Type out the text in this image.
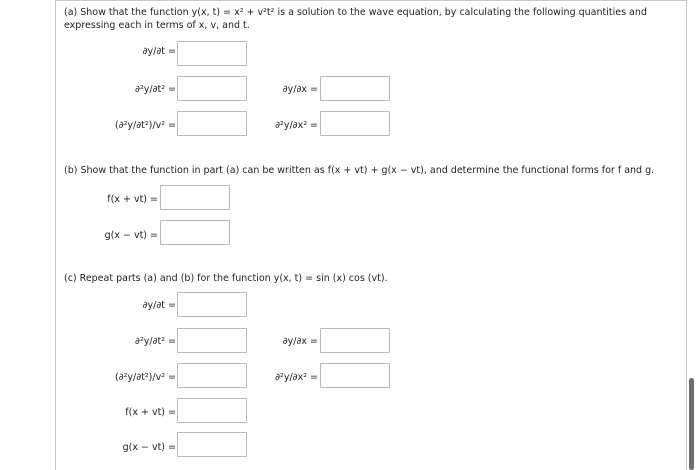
(a) Show that the function y(x, t) = x² + v²t² is a solution to the wave equation, by calculating the following quantities and
expressing each in terms of x, v, and t.
∂y/∂t =
∂²y/∂t² =	∂y/∂x =
(∂²y/∂t²)/v² =	∂²y/∂x² =
(b) Show that the function in part (a) can be written as f(x + vt) + g(x − vt), and determine the functional forms for f and g.
f(x + vt) =
g(x − vt) =
(c) Repeat parts (a) and (b) for the function y(x, t) = sin (x) cos (vt).
∂y/∂t =
∂²y/∂t² =	∂y/∂x =
(∂²y/∂t²)/v² =	∂²y/∂x² =
f(x + vt) =
g(x − vt) =
